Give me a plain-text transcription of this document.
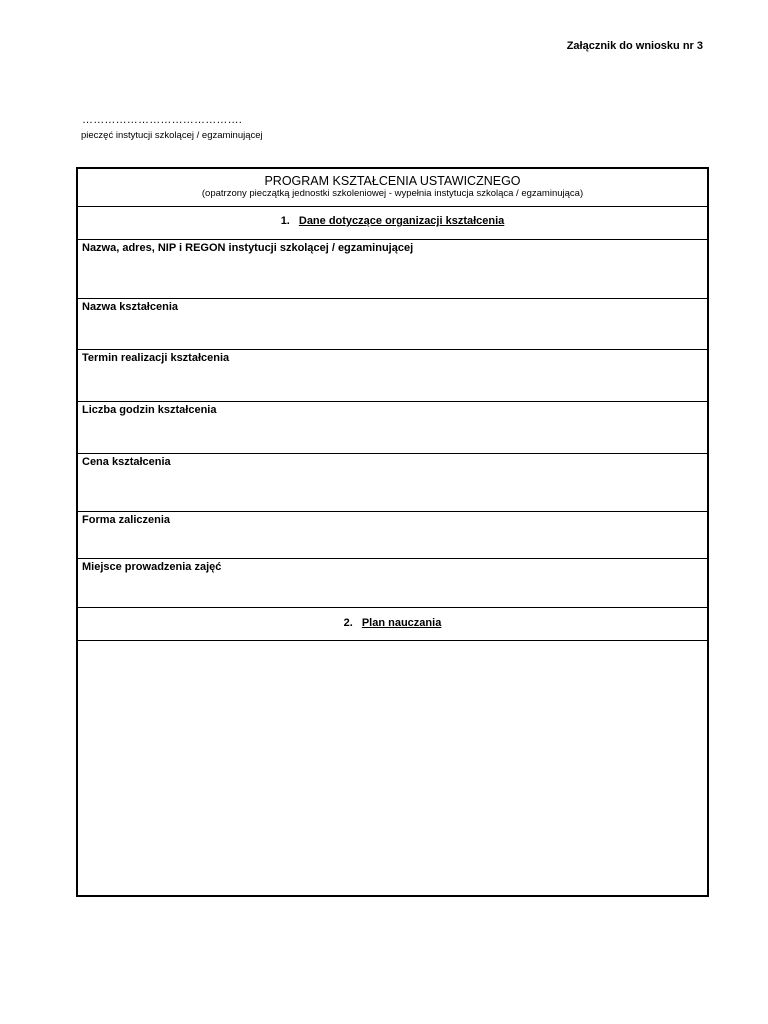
Załącznik do wniosku nr 3
…………………………………….
pieczęć instytucji szkolącej / egzaminującej
PROGRAM KSZTAŁCENIA USTAWICZNEGO
(opatrzony pieczątką jednostki szkoleniowej - wypełnia instytucja szkoląca / egzaminująca)
1. Dane dotyczące organizacji kształcenia
Nazwa, adres, NIP i REGON instytucji szkolącej / egzaminującej
Nazwa kształcenia
Termin realizacji kształcenia
Liczba godzin kształcenia
Cena kształcenia
Forma zaliczenia
Miejsce prowadzenia zajęć
2. Plan nauczania
